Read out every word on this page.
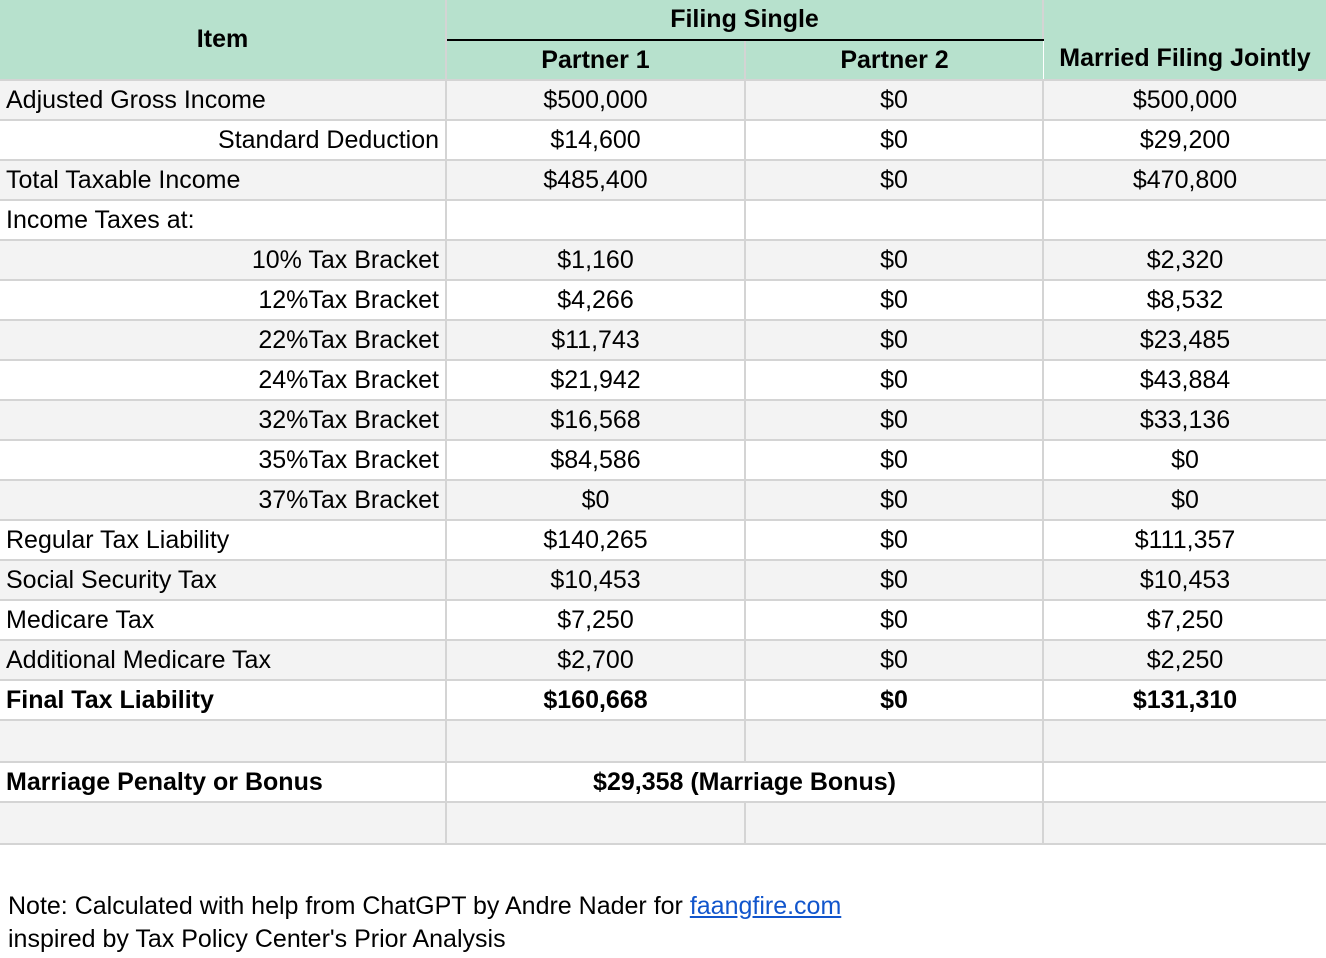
Item	Filing Single		Married Filing Jointly
	Partner 1	Partner 2	
Adjusted Gross Income	$500,000	$0	$500,000
Standard Deduction	$14,600	$0	$29,200
Total Taxable Income	$485,400	$0	$470,800
Income Taxes at:			
10% Tax Bracket	$1,160	$0	$2,320
12%Tax Bracket	$4,266	$0	$8,532
22%Tax Bracket	$11,743	$0	$23,485
24%Tax Bracket	$21,942	$0	$43,884
32%Tax Bracket	$16,568	$0	$33,136
35%Tax Bracket	$84,586	$0	$0
37%Tax Bracket	$0	$0	$0
Regular Tax Liability	$140,265	$0	$111,357
Social Security Tax	$10,453	$0	$10,453
Medicare Tax	$7,250	$0	$7,250
Additional Medicare Tax	$2,700	$0	$2,250
Final Tax Liability	$160,668	$0	$131,310

Marriage Penalty or Bonus	$29,358 (Marriage Bonus)		

Note: Calculated with help from ChatGPT by Andre Nader for faangfire.com
inspired by Tax Policy Center's Prior Analysis
